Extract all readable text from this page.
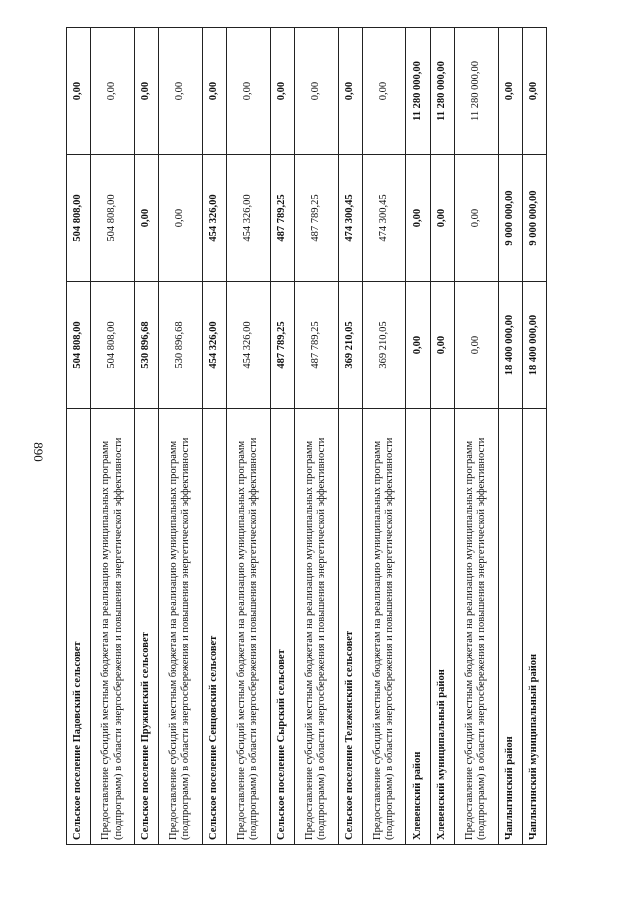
890
Сельское поселение Падовский сельсовет	504 808,00	504 808,00	0,00
Предоставление субсидий местным бюджетам на реализацию муниципальных программ (подпрограмм) в области энергосбережения и повышения энергетической эффективности	504 808,00	504 808,00	0,00
Сельское поселение Пружинский сельсовет	530 896,68	0,00	0,00
Предоставление субсидий местным бюджетам на реализацию муниципальных программ (подпрограмм) в области энергосбережения и повышения энергетической эффективности	530 896,68	0,00	0,00
Сельское поселение Сенцовский сельсовет	454 326,00	454 326,00	0,00
Предоставление субсидий местным бюджетам на реализацию муниципальных программ (подпрограмм) в области энергосбережения и повышения энергетической эффективности	454 326,00	454 326,00	0,00
Сельское поселение Сырский сельсовет	487 789,25	487 789,25	0,00
Предоставление субсидий местным бюджетам на реализацию муниципальных программ (подпрограмм) в области энергосбережения и повышения энергетической эффективности	487 789,25	487 789,25	0,00
Сельское поселение Тележенский сельсовет	369 210,05	474 300,45	0,00
Предоставление субсидий местным бюджетам на реализацию муниципальных программ (подпрограмм) в области энергосбережения и повышения энергетической эффективности	369 210,05	474 300,45	0,00
Хлевенский район	0,00	0,00	11 280 000,00
Хлевенский муниципальный район	0,00	0,00	11 280 000,00
Предоставление субсидий местным бюджетам на реализацию муниципальных программ (подпрограмм) в области энергосбережения и повышения энергетической эффективности	0,00	0,00	11 280 000,00
Чаплыгинский район	18 400 000,00	9 000 000,00	0,00
Чаплыгинский муниципальный район	18 400 000,00	9 000 000,00	0,00
